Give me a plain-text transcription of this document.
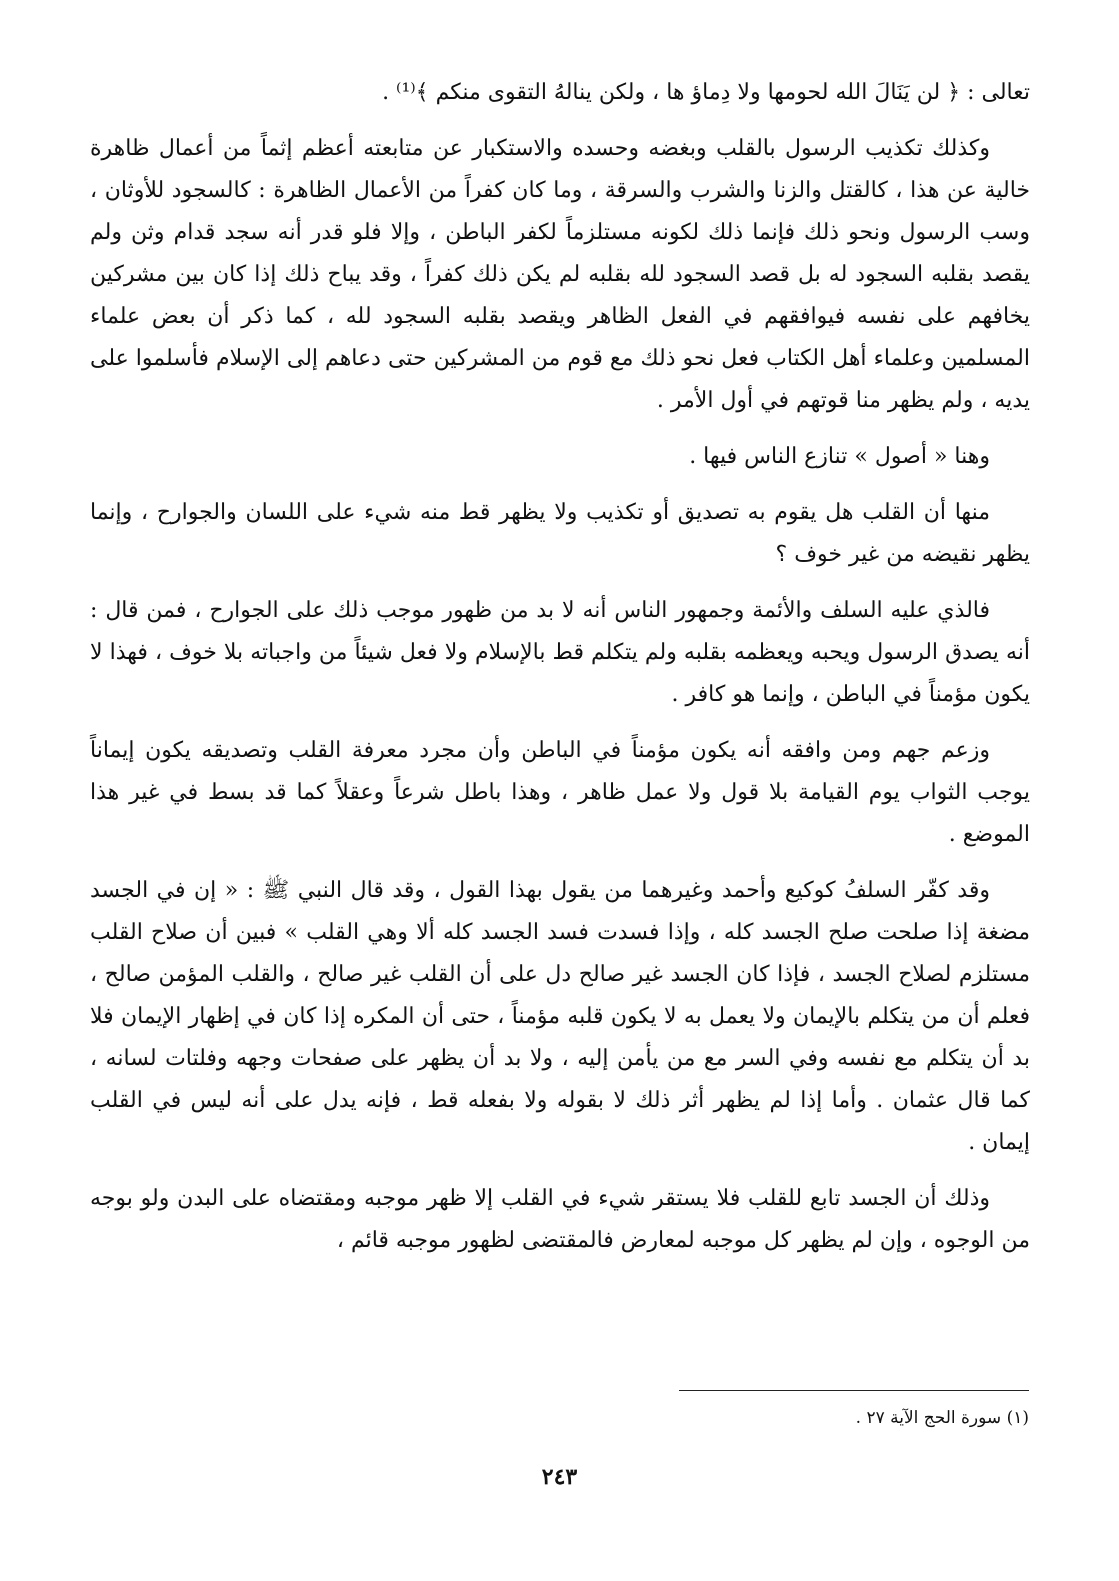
تعالى : ﴿ لن يَنَالَ الله لحومها ولا دِماؤ ها ، ولكن ينالهُ التقوى منكم ﴾⁽¹⁾ .

وكذلك تكذيب الرسول بالقلب وبغضه وحسده والاستكبار عن متابعته أعظم إثماً من أعمال ظاهرة خالية عن هذا ، كالقتل والزنا والشرب والسرقة ، وما كان كفراً من الأعمال الظاهرة : كالسجود للأوثان ، وسب الرسول ونحو ذلك فإنما ذلك لكونه مستلزماً لكفر الباطن ، وإلا فلو قدر أنه سجد قدام وثن ولم يقصد بقلبه السجود له بل قصد السجود لله بقلبه لم يكن ذلك كفراً ، وقد يباح ذلك إذا كان بين مشركين يخافهم على نفسه فيوافقهم في الفعل الظاهر ويقصد بقلبه السجود لله ، كما ذكر أن بعض علماء المسلمين وعلماء أهل الكتاب فعل نحو ذلك مع قوم من المشركين حتى دعاهم إلى الإسلام فأسلموا على يديه ، ولم يظهر منا قوتهم في أول الأمر .

وهنا « أصول » تنازع الناس فيها .

منها أن القلب هل يقوم به تصديق أو تكذيب ولا يظهر قط منه شيء على اللسان والجوارح ، وإنما يظهر نقيضه من غير خوف ؟

فالذي عليه السلف والأئمة وجمهور الناس أنه لا بد من ظهور موجب ذلك على الجوارح ، فمن قال : أنه يصدق الرسول ويحبه ويعظمه بقلبه ولم يتكلم قط بالإسلام ولا فعل شيئاً من واجباته بلا خوف ، فهذا لا يكون مؤمناً في الباطن ، وإنما هو كافر .

وزعم جهم ومن وافقه أنه يكون مؤمناً في الباطن وأن مجرد معرفة القلب وتصديقه يكون إيماناً يوجب الثواب يوم القيامة بلا قول ولا عمل ظاهر ، وهذا باطل شرعاً وعقلاً كما قد بسط في غير هذا الموضع .

وقد كفّر السلفُ كوكيع وأحمد وغيرهما من يقول بهذا القول ، وقد قال النبي ﷺ : « إن في الجسد مضغة إذا صلحت صلح الجسد كله ، وإذا فسدت فسد الجسد كله ألا وهي القلب » فبين أن صلاح القلب مستلزم لصلاح الجسد ، فإذا كان الجسد غير صالح دل على أن القلب غير صالح ، والقلب المؤمن صالح ، فعلم أن من يتكلم بالإيمان ولا يعمل به لا يكون قلبه مؤمناً ، حتى أن المكره إذا كان في إظهار الإيمان فلا بد أن يتكلم مع نفسه وفي السر مع من يأمن إليه ، ولا بد أن يظهر على صفحات وجهه وفلتات لسانه ، كما قال عثمان . وأما إذا لم يظهر أثر ذلك لا بقوله ولا بفعله قط ، فإنه يدل على أنه ليس في القلب إيمان .

وذلك أن الجسد تابع للقلب فلا يستقر شيء في القلب إلا ظهر موجبه ومقتضاه على البدن ولو بوجه من الوجوه ، وإن لم يظهر كل موجبه لمعارض فالمقتضى لظهور موجبه قائم ،

(١) سورة الحج الآية ٢٧ .
٢٤٣
